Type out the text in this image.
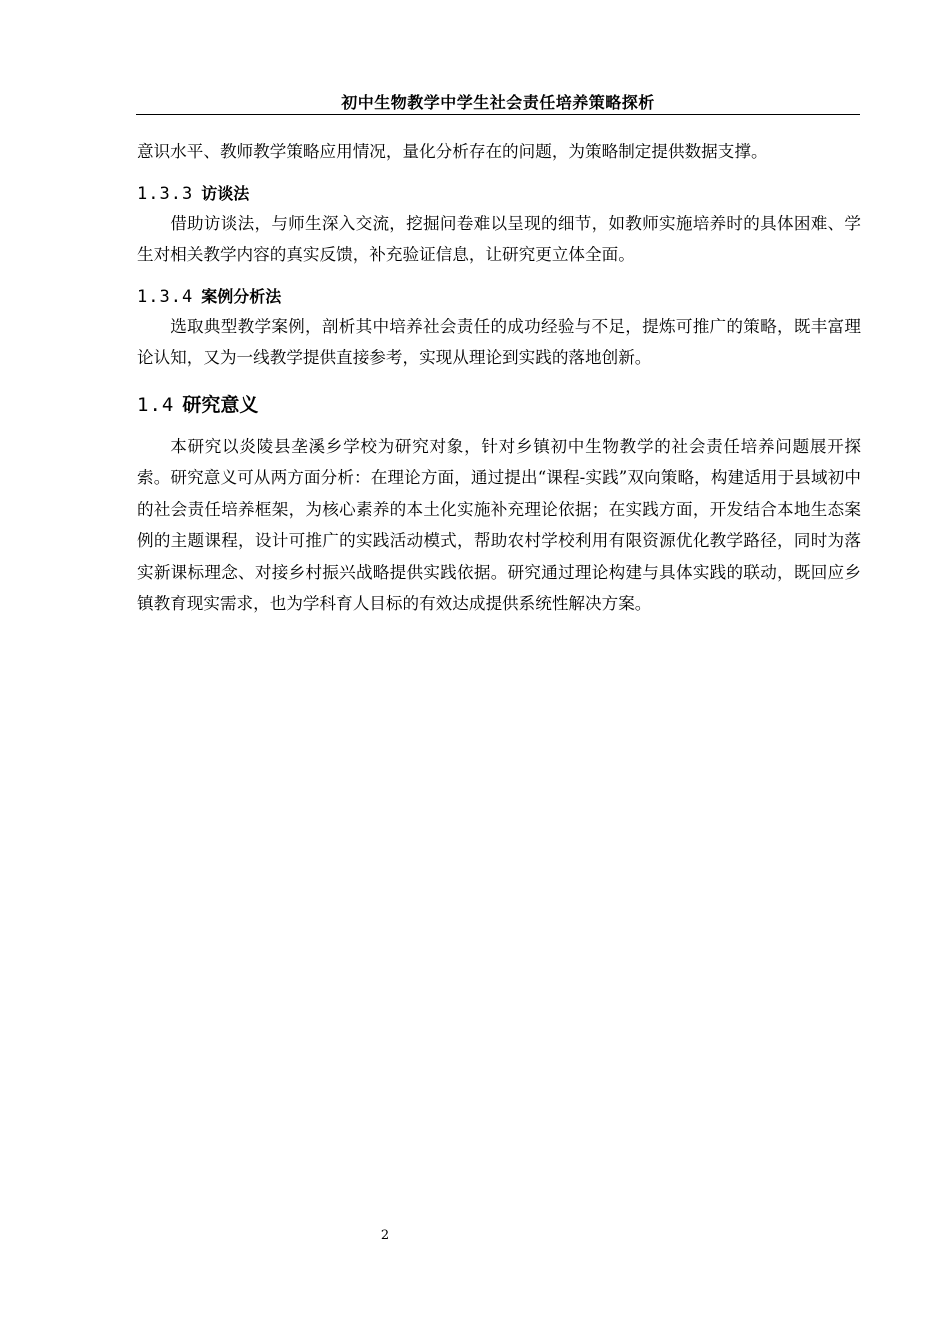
初中生物教学中学生社会责任培养策略探析

意识水平、教师教学策略应用情况，量化分析存在的问题，为策略制定提供数据支撑。

1.3.3 访谈法

借助访谈法，与师生深入交流，挖掘问卷难以呈现的细节，如教师实施培养时的具体困难、学生对相关教学内容的真实反馈，补充验证信息，让研究更立体全面。

1.3.4 案例分析法

选取典型教学案例，剖析其中培养社会责任的成功经验与不足，提炼可推广的策略，既丰富理论认知，又为一线教学提供直接参考，实现从理论到实践的落地创新。

1.4 研究意义

本研究以炎陵县垄溪乡学校为研究对象，针对乡镇初中生物教学的社会责任培养问题展开探索。研究意义可从两方面分析：在理论方面，通过提出“课程-实践”双向策略，构建适用于县域初中的社会责任培养框架，为核心素养的本土化实施补充理论依据；在实践方面，开发结合本地生态案例的主题课程，设计可推广的实践活动模式，帮助农村学校利用有限资源优化教学路径，同时为落实新课标理念、对接乡村振兴战略提供实践依据。研究通过理论构建与具体实践的联动，既回应乡镇教育现实需求，也为学科育人目标的有效达成提供系统性解决方案。

2
